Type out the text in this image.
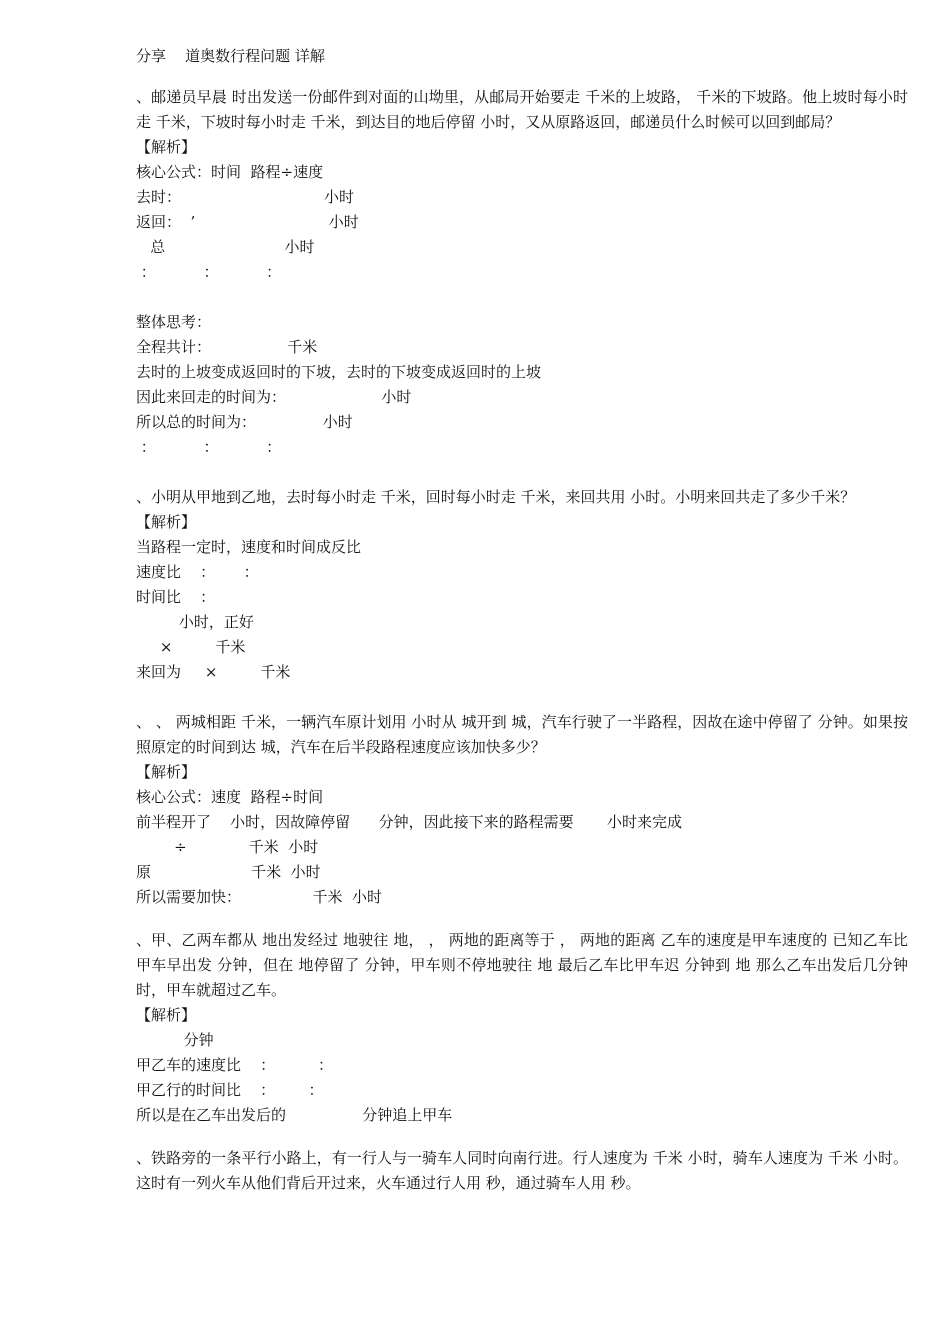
分享    道奥数行程问题 详解
、邮递员早晨 时出发送一份邮件到对面的山坳里，从邮局开始要走 千米的上坡路， 千米的下坡路。他上坡时每小时走 千米，下坡时每小时走 千米，到达目的地后停留 小时，又从原路返回，邮递员什么时候可以回到邮局？
【解析】
核心公式：时间  路程÷速度
去时：                              小时
返回：  ’                            小时
总                         小时
：          ：          ：
整体思考：
全程共计：                千米
去时的上坡变成返回时的下坡，去时的下坡变成返回时的上坡
因此来回走的时间为：                    小时
所以总的时间为：              小时
：          ：          ：
、小明从甲地到乙地，去时每小时走 千米，回时每小时走 千米，来回共用 小时。小明来回共走了多少千米？
【解析】
当路程一定时，速度和时间成反比
速度比    ：      ：
时间比    ：
小时，正好
×         千米
来回为     ×         千米
、 、 两城相距 千米，一辆汽车原计划用 小时从 城开到 城，汽车行驶了一半路程，因故在途中停留了 分钟。如果按照原定的时间到达 城，汽车在后半段路程速度应该加快多少？
【解析】
核心公式：速度  路程÷时间
前半程开了    小时，因故障停留      分钟，因此接下来的路程需要       小时来完成
÷             千米  小时
原                     千米  小时
所以需要加快：               千米  小时
、甲、乙两车都从 地出发经过 地驶往 地， ， 两地的距离等于 ， 两地的距离 乙车的速度是甲车速度的 已知乙车比甲车早出发 分钟，但在 地停留了 分钟，甲车则不停地驶往 地 最后乙车比甲车迟 分钟到 地 那么乙车出发后几分钟时，甲车就超过乙车。
【解析】
分钟
甲乙车的速度比    ：         ：
甲乙行的时间比    ：       ：
所以是在乙车出发后的                分钟追上甲车
、铁路旁的一条平行小路上，有一行人与一骑车人同时向南行进。行人速度为 千米 小时，骑车人速度为 千米 小时。这时有一列火车从他们背后开过来，火车通过行人用 秒，通过骑车人用 秒。
